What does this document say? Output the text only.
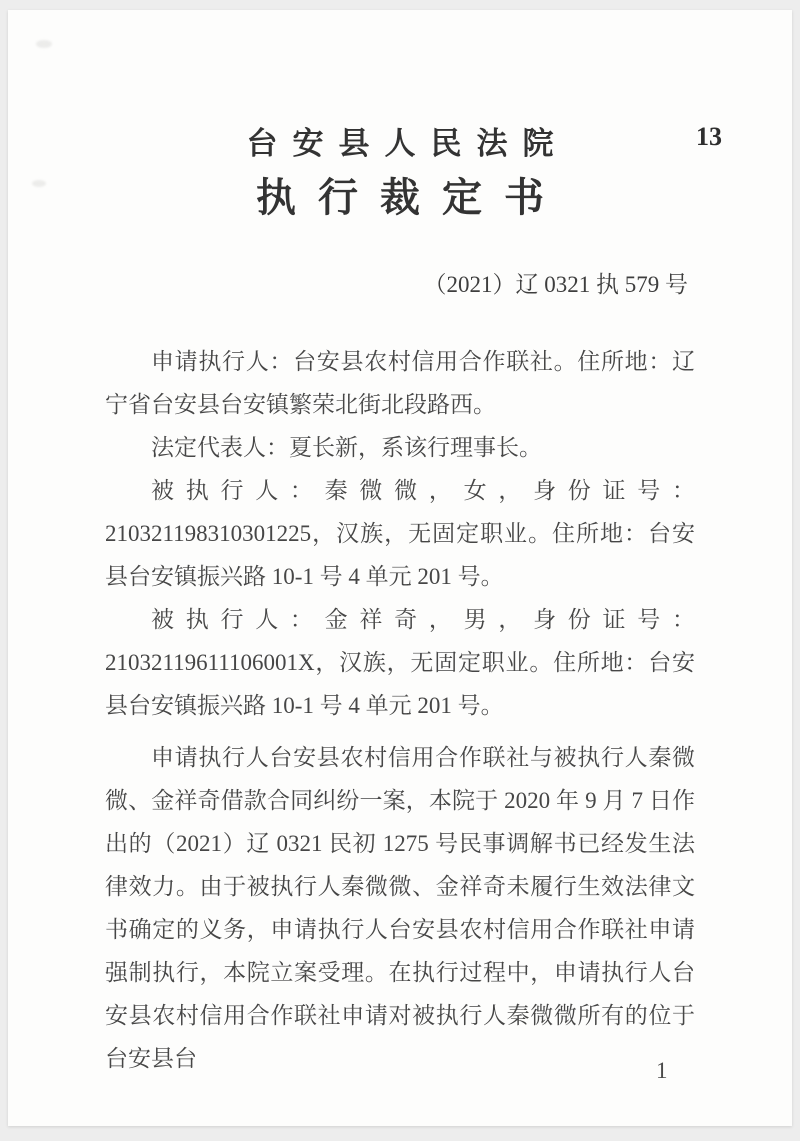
台安县人民法院	13
执行裁定书
（2021）辽 0321 执 579 号

申请执行人：台安县农村信用合作联社。住所地：辽宁省台安县台安镇繁荣北街北段路西。

法定代表人：夏长新，系该行理事长。

被执行人：秦微微，女，身份证号：210321198310301225，汉族，无固定职业。住所地：台安县台安镇振兴路 10-1 号 4 单元 201 号。

被执行人：金祥奇，男，身份证号：21032119611106001X，汉族，无固定职业。住所地：台安县台安镇振兴路 10-1 号 4 单元 201 号。

申请执行人台安县农村信用合作联社与被执行人秦微微、金祥奇借款合同纠纷一案，本院于 2020 年 9 月 7 日作出的（2021）辽 0321 民初 1275 号民事调解书已经发生法律效力。由于被执行人秦微微、金祥奇未履行生效法律文书确定的义务，申请执行人台安县农村信用合作联社申请强制执行，本院立案受理。在执行过程中，申请执行人台安县农村信用合作联社申请对被执行人秦微微所有的位于台安县台	1
